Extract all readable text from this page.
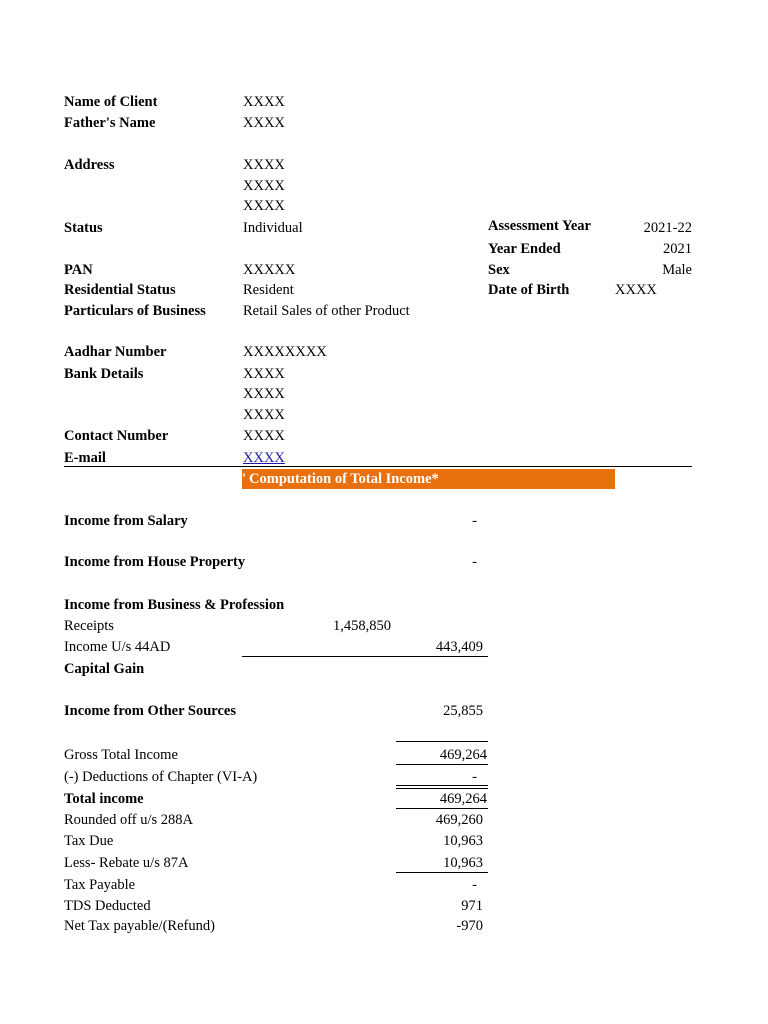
Name of Client	XXXX
Father's Name	XXXX
Address	XXXX
XXXX
XXXX
Status	Individual
PAN	XXXXX
Residential Status	Resident
Particulars of Business	Retail Sales of other Product
Aadhar Number	XXXXXXXX
Bank Details	XXXX
XXXX
XXXX
Contact Number	XXXX
E-mail	XXXX
Assessment Year	2021-22
Year Ended	2021
Sex	Male
Date of Birth	XXXX
' Computation of Total Income*
Income from Salary	-
Income from House Property	-
Income from Business & Profession
Receipts	1,458,850
Income U/s 44AD	443,409
Capital Gain
Income from Other Sources	25,855
Gross Total Income	469,264
(-) Deductions of Chapter (VI-A)	-
Total income	469,264
Rounded off u/s 288A	469,260
Tax Due	10,963
Less- Rebate u/s 87A	10,963
Tax Payable	-
TDS Deducted	971
Net Tax payable/(Refund)	-970
